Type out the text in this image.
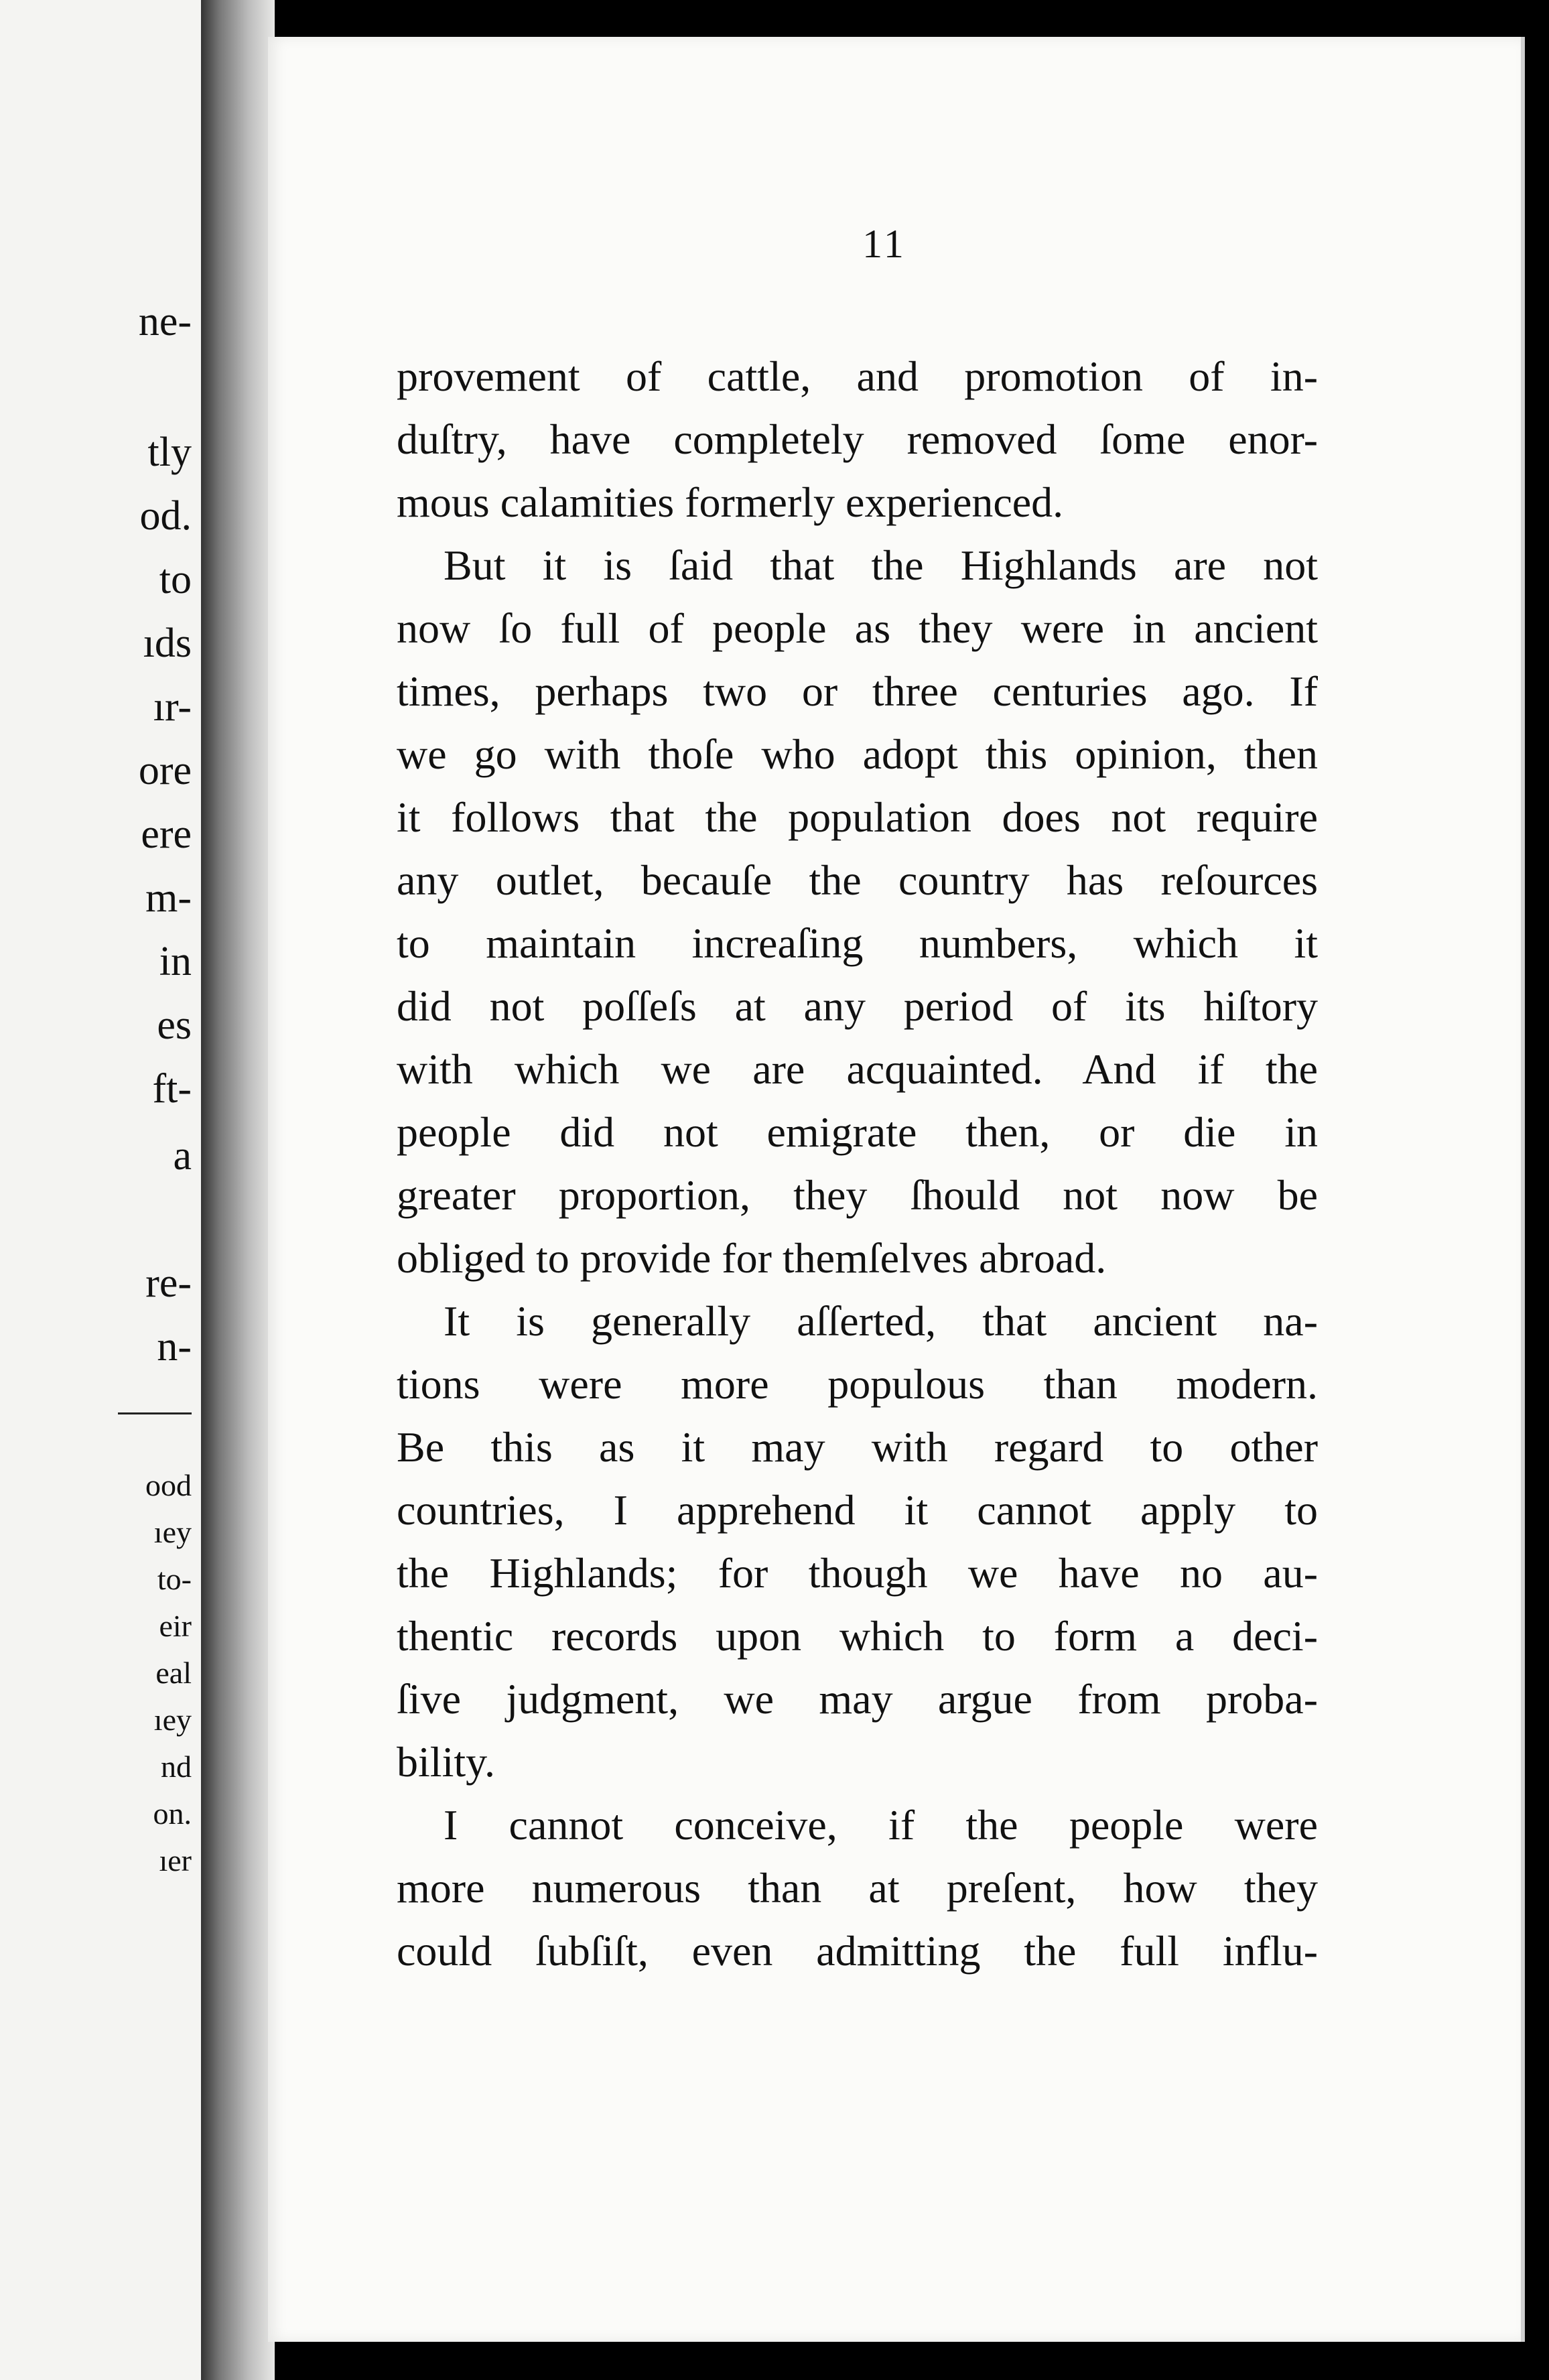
ne-
tly
od.
to
ıds
ır-
ore
ere
m-
in
es
ft-
a
re-
n-
ood
ıey
to-
eir
eal
ıey
nd
on.
ıer
11
provement of cattle, and promotion of in-
duſtry, have completely removed ſome enor-
mous calamities formerly experienced.
But it is ſaid that the Highlands are not
now ſo full of people as they were in ancient
times, perhaps two or three centuries ago. If
we go with thoſe who adopt this opinion, then
it follows that the population does not require
any outlet, becauſe the country has reſources
to maintain increaſing numbers, which it
did not poſſeſs at any period of its hiſtory
with which we are acquainted. And if the
people did not emigrate then, or die in
greater proportion, they ſhould not now be
obliged to provide for themſelves abroad.
It is generally aſſerted, that ancient na-
tions were more populous than modern.
Be this as it may with regard to other
countries, I apprehend it cannot apply to
the Highlands; for though we have no au-
thentic records upon which to form a deci-
ſive judgment, we may argue from proba-
bility.
I cannot conceive, if the people were
more numerous than at preſent, how they
could ſubſiſt, even admitting the full influ-
